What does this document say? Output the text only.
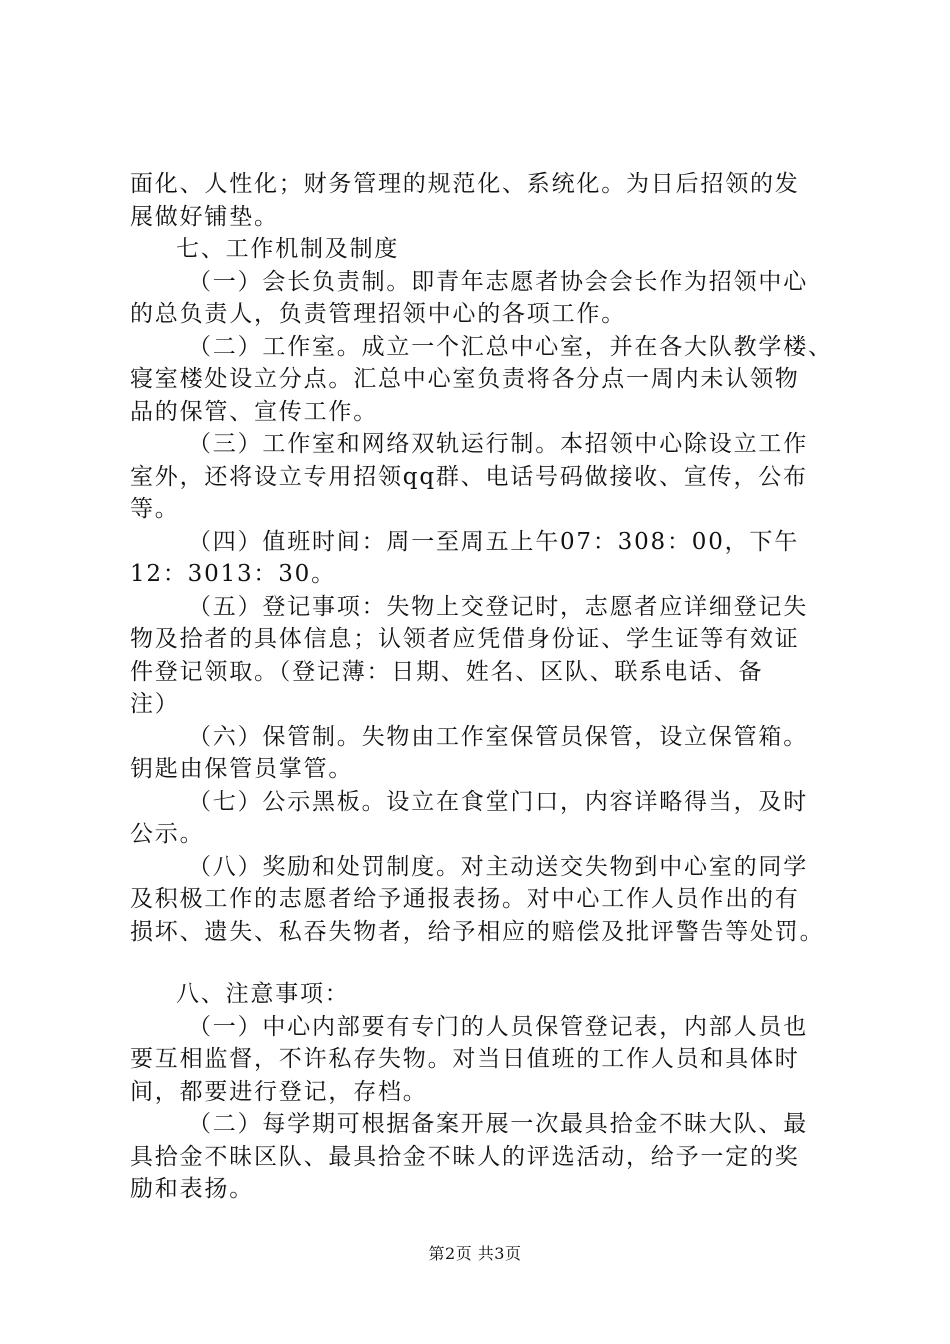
面化、人性化；财务管理的规范化、系统化。为日后招领的发
展做好铺垫。
七、工作机制及制度
（一）会长负责制。即青年志愿者协会会长作为招领中心
的总负责人，负责管理招领中心的各项工作。
（二）工作室。成立一个汇总中心室，并在各大队教学楼、
寝室楼处设立分点。汇总中心室负责将各分点一周内未认领物
品的保管、宣传工作。
（三）工作室和网络双轨运行制。本招领中心除设立工作
室外，还将设立专用招领qq群、电话号码做接收、宣传，公布
等。
（四）值班时间：周一至周五上午07：308：00，下午
12：3013：30。
（五）登记事项：失物上交登记时，志愿者应详细登记失
物及拾者的具体信息；认领者应凭借身份证、学生证等有效证
件登记领取。（登记薄：日期、姓名、区队、联系电话、备
注）
（六）保管制。失物由工作室保管员保管，设立保管箱。
钥匙由保管员掌管。
（七）公示黑板。设立在食堂门口，内容详略得当，及时
公示。
（八）奖励和处罚制度。对主动送交失物到中心室的同学
及积极工作的志愿者给予通报表扬。对中心工作人员作出的有
损坏、遗失、私吞失物者，给予相应的赔偿及批评警告等处罚。
八、注意事项：
（一）中心内部要有专门的人员保管登记表，内部人员也
要互相监督，不许私存失物。对当日值班的工作人员和具体时
间，都要进行登记，存档。
（二）每学期可根据备案开展一次最具拾金不昧大队、最
具拾金不昧区队、最具拾金不昧人的评选活动，给予一定的奖
励和表扬。
第2页 共3页
